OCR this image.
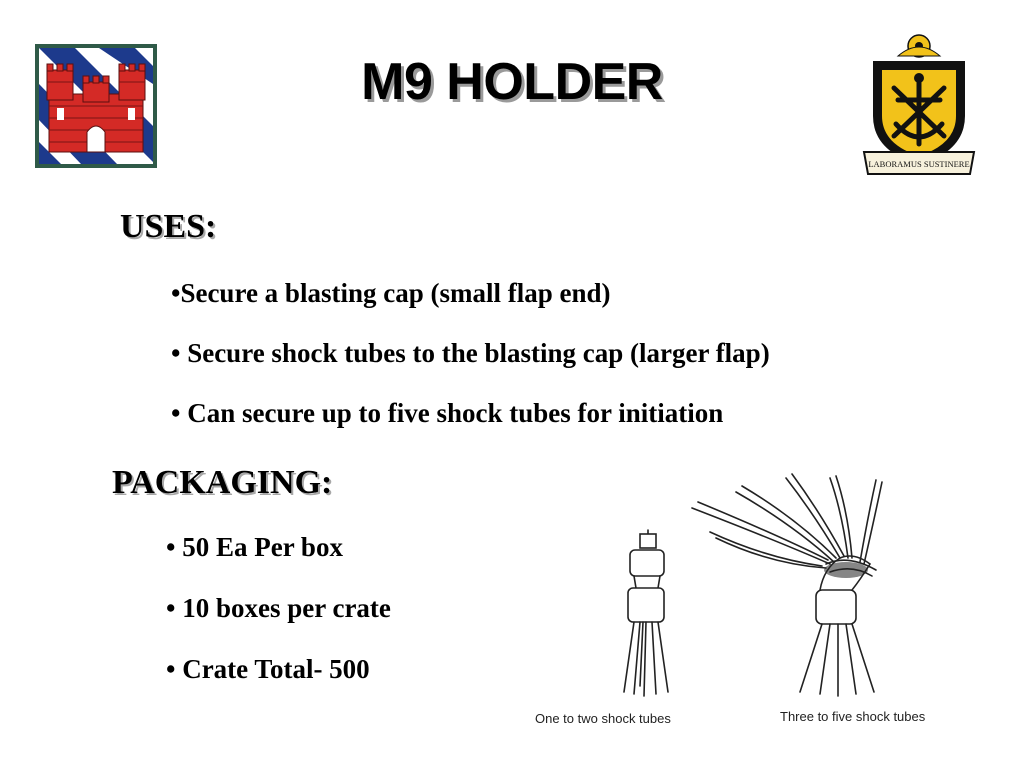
M9 HOLDER
LABORAMUS SUSTINERE
USES:
•Secure a blasting cap (small flap end)
• Secure shock tubes to the blasting cap (larger flap)
• Can secure up to five shock tubes for initiation
PACKAGING:
• 50 Ea Per box
• 10 boxes per crate
• Crate Total- 500
One to two shock tubes	Three to five shock tubes
